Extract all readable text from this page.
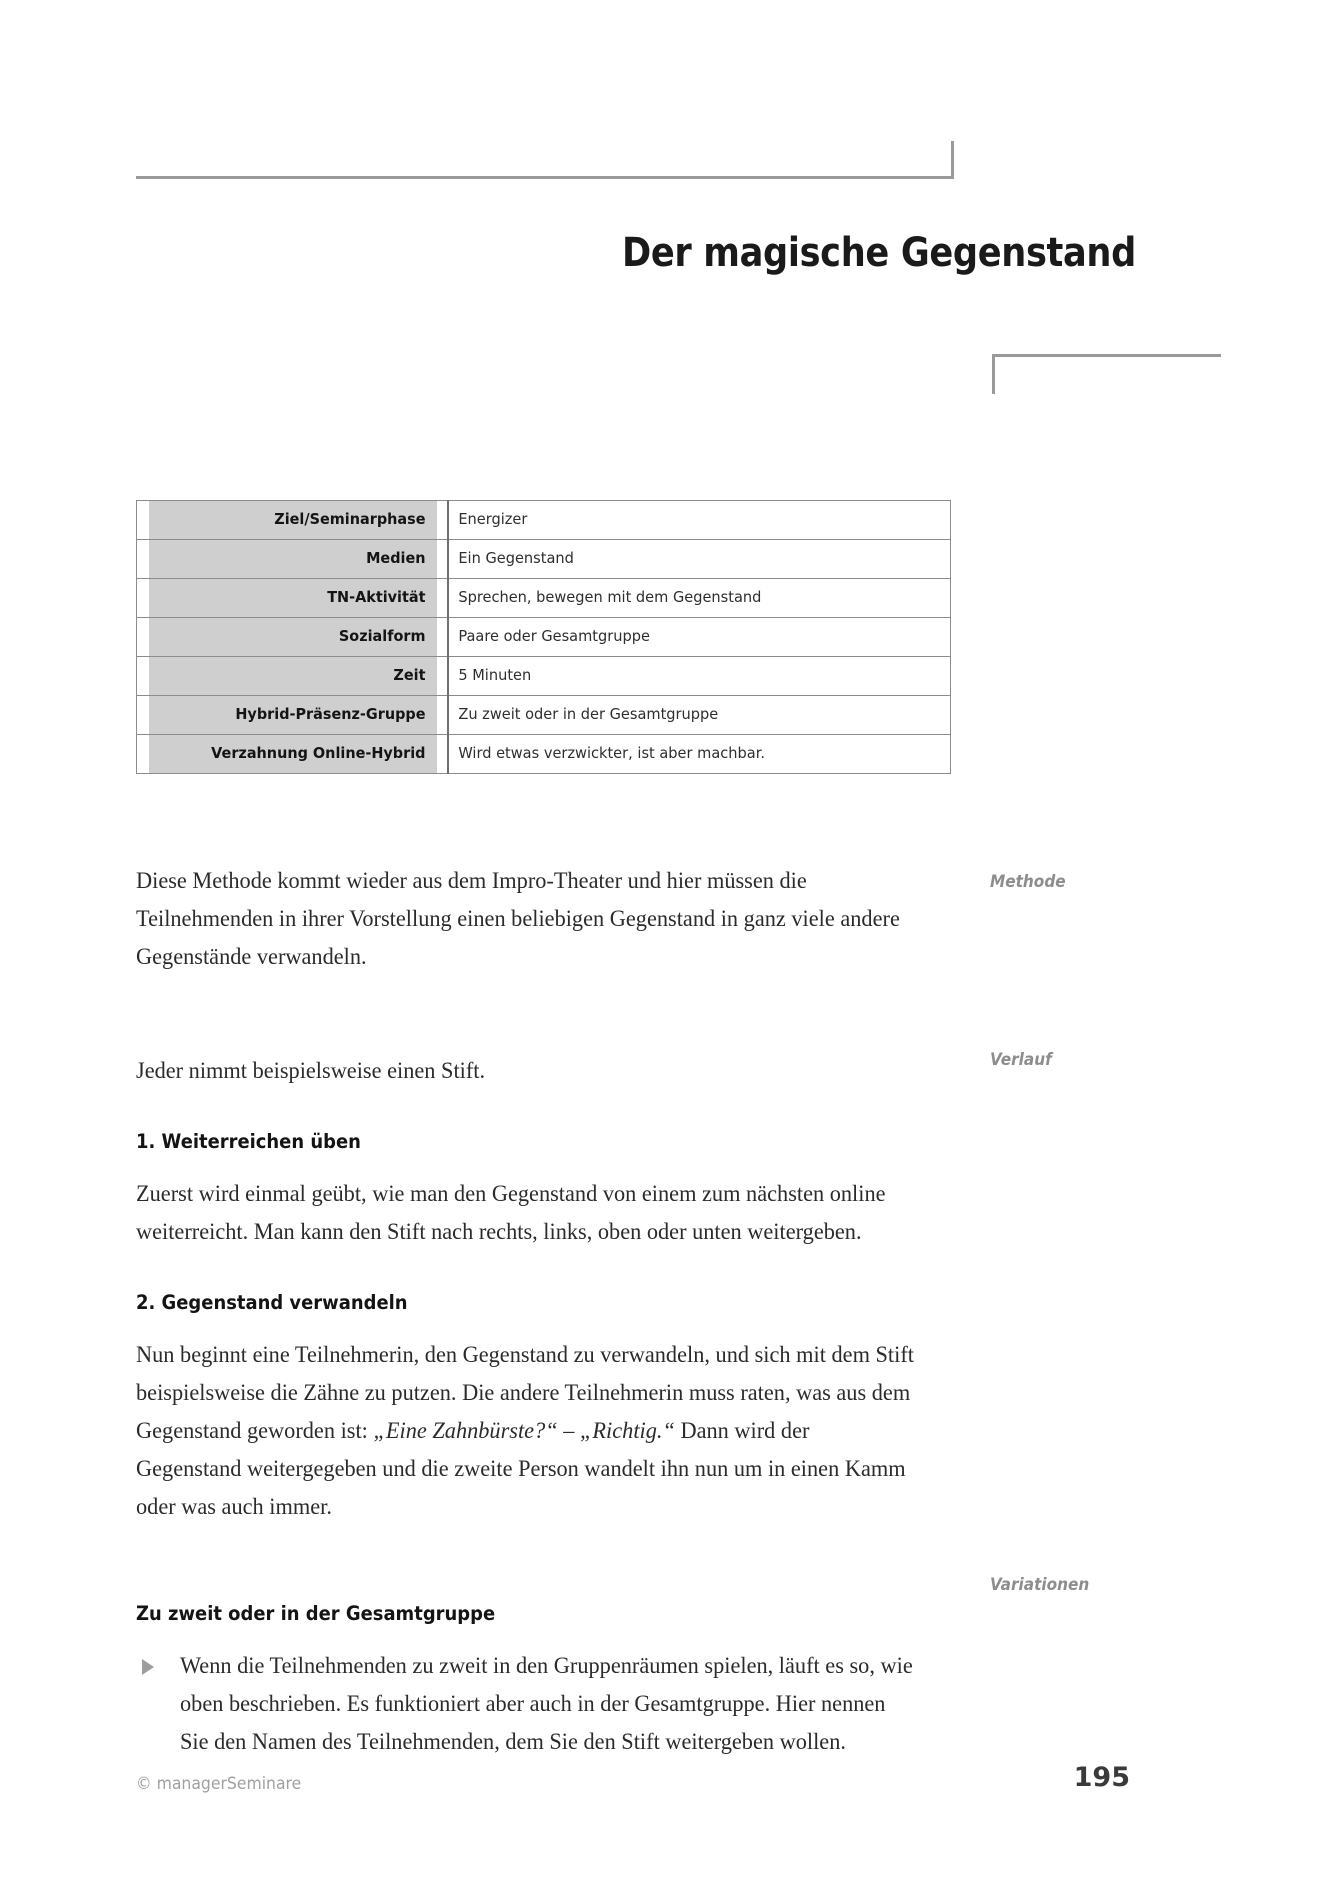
Der magische Gegenstand
Ziel/Seminarphase	Energizer
Medien	Ein Gegenstand
TN-Aktivität	Sprechen, bewegen mit dem Gegenstand
Sozialform	Paare oder Gesamtgruppe
Zeit	5 Minuten
Hybrid-Präsenz-Gruppe	Zu zweit oder in der Gesamtgruppe
Verzahnung Online-Hybrid	Wird etwas verzwickter, ist aber machbar.

Diese Methode kommt wieder aus dem Impro-Theater und hier müssen die Teilnehmenden in ihrer Vorstellung einen beliebigen Gegenstand in ganz viele andere Gegenstände verwandeln.

Jeder nimmt beispielsweise einen Stift.

1. Weiterreichen üben

Zuerst wird einmal geübt, wie man den Gegenstand von einem zum nächsten online weiterreicht. Man kann den Stift nach rechts, links, oben oder unten weitergeben.

2. Gegenstand verwandeln

Nun beginnt eine Teilnehmerin, den Gegenstand zu verwandeln, und sich mit dem Stift beispielsweise die Zähne zu putzen. Die andere Teilnehmerin muss raten, was aus dem Gegenstand geworden ist: „Eine Zahnbürste?“ – „Richtig.“ Dann wird der Gegenstand weitergegeben und die zweite Person wandelt ihn nun um in einen Kamm oder was auch immer.

Zu zweit oder in der Gesamtgruppe
Wenn die Teilnehmenden zu zweit in den Gruppenräumen spielen, läuft es so, wie oben beschrieben. Es funktioniert aber auch in der Gesamtgruppe. Hier nennen Sie den Namen des Teilnehmenden, dem Sie den Stift weitergeben wollen.
Methode
Verlauf
Variationen
© managerSeminare	195
